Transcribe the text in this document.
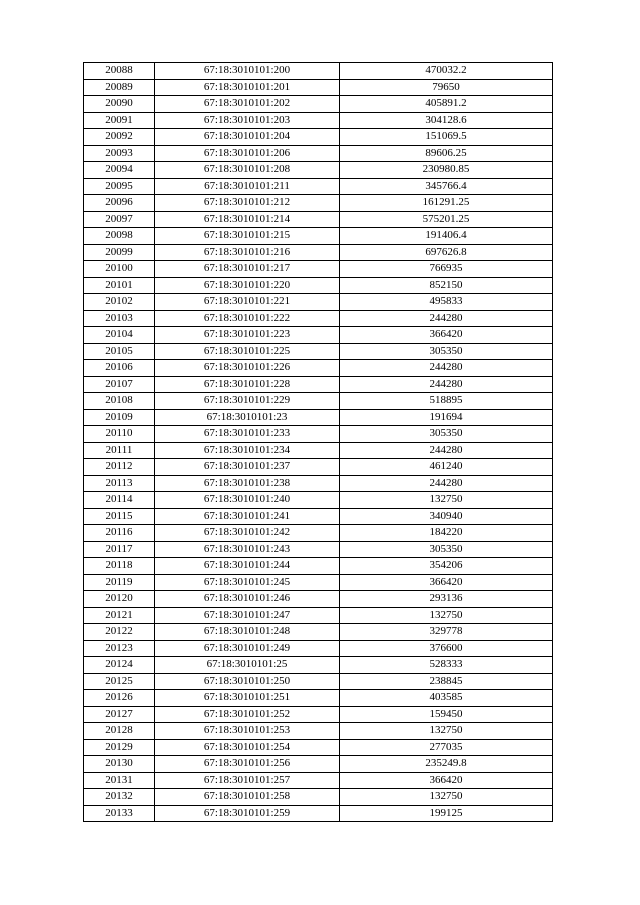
20088	67:18:3010101:200	470032.2
20089	67:18:3010101:201	79650
20090	67:18:3010101:202	405891.2
20091	67:18:3010101:203	304128.6
20092	67:18:3010101:204	151069.5
20093	67:18:3010101:206	89606.25
20094	67:18:3010101:208	230980.85
20095	67:18:3010101:211	345766.4
20096	67:18:3010101:212	161291.25
20097	67:18:3010101:214	575201.25
20098	67:18:3010101:215	191406.4
20099	67:18:3010101:216	697626.8
20100	67:18:3010101:217	766935
20101	67:18:3010101:220	852150
20102	67:18:3010101:221	495833
20103	67:18:3010101:222	244280
20104	67:18:3010101:223	366420
20105	67:18:3010101:225	305350
20106	67:18:3010101:226	244280
20107	67:18:3010101:228	244280
20108	67:18:3010101:229	518895
20109	67:18:3010101:23	191694
20110	67:18:3010101:233	305350
20111	67:18:3010101:234	244280
20112	67:18:3010101:237	461240
20113	67:18:3010101:238	244280
20114	67:18:3010101:240	132750
20115	67:18:3010101:241	340940
20116	67:18:3010101:242	184220
20117	67:18:3010101:243	305350
20118	67:18:3010101:244	354206
20119	67:18:3010101:245	366420
20120	67:18:3010101:246	293136
20121	67:18:3010101:247	132750
20122	67:18:3010101:248	329778
20123	67:18:3010101:249	376600
20124	67:18:3010101:25	528333
20125	67:18:3010101:250	238845
20126	67:18:3010101:251	403585
20127	67:18:3010101:252	159450
20128	67:18:3010101:253	132750
20129	67:18:3010101:254	277035
20130	67:18:3010101:256	235249.8
20131	67:18:3010101:257	366420
20132	67:18:3010101:258	132750
20133	67:18:3010101:259	199125
